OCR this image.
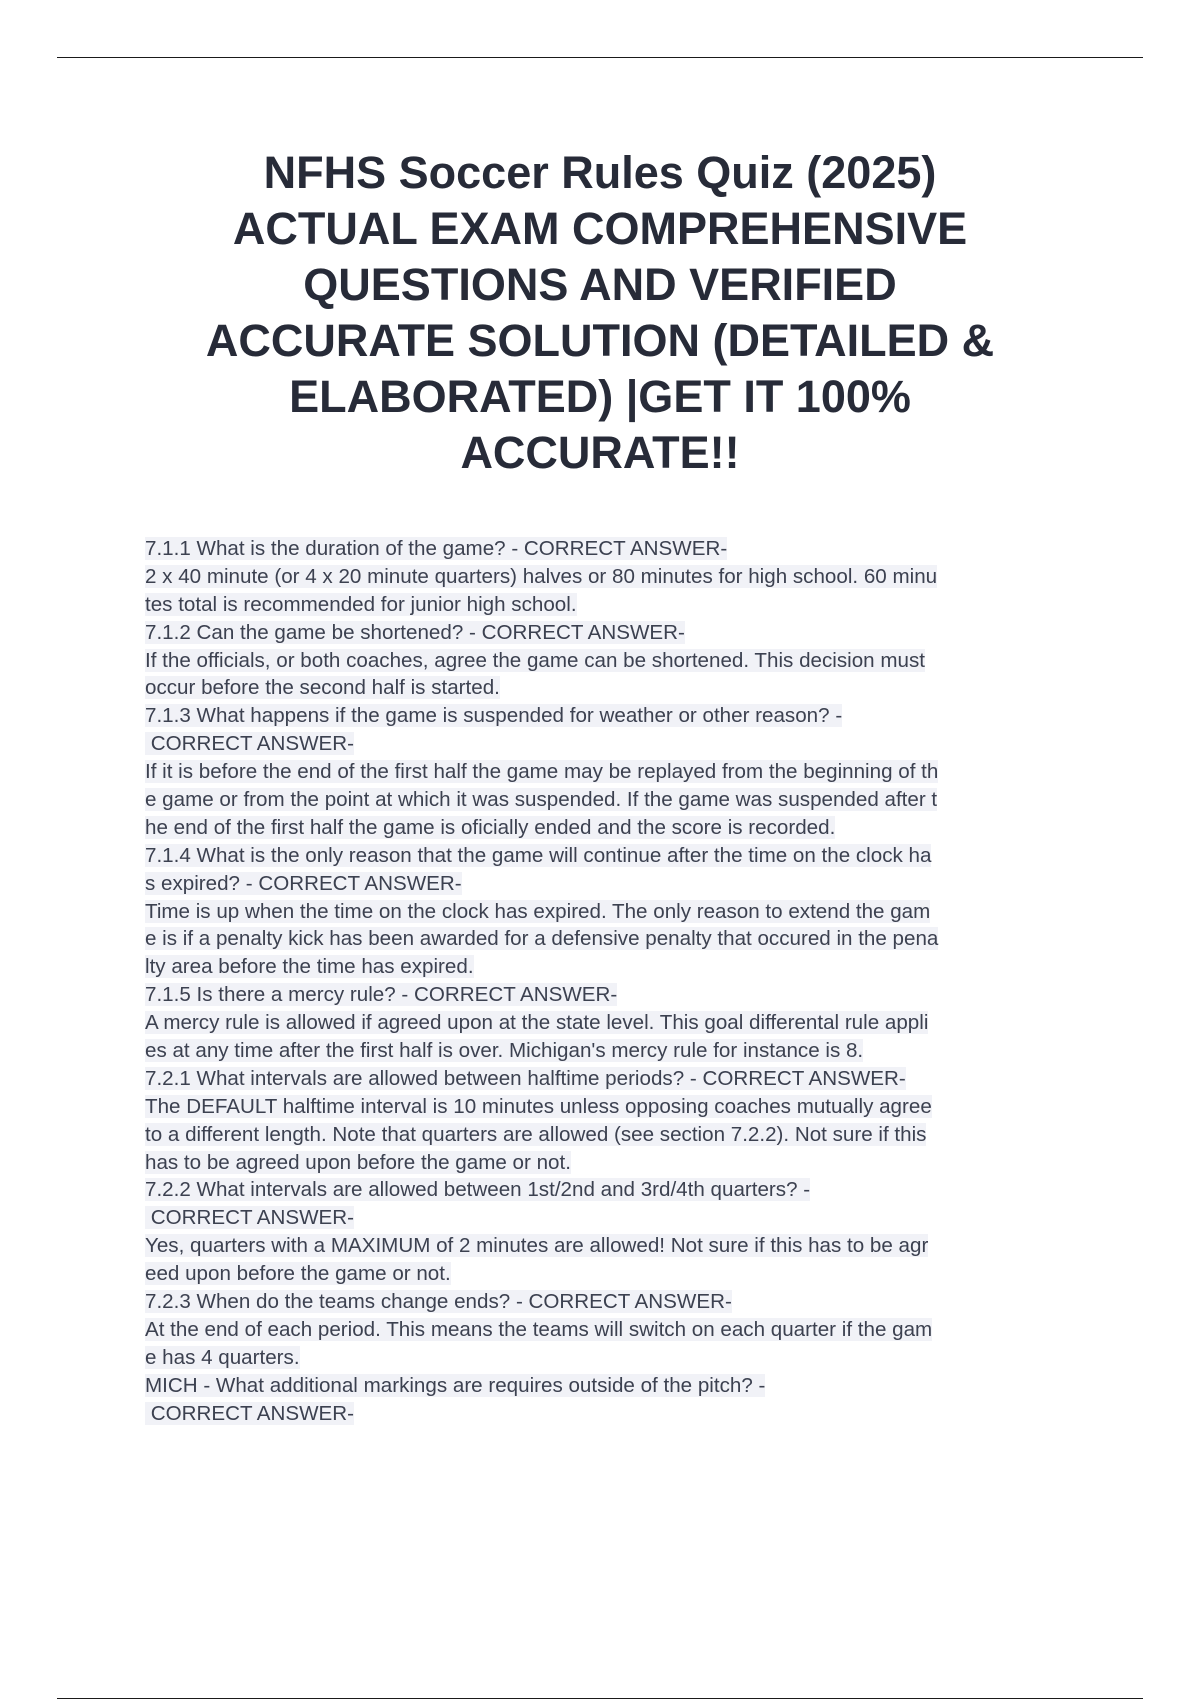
NFHS Soccer Rules Quiz (2025)
ACTUAL EXAM COMPREHENSIVE
QUESTIONS AND VERIFIED
ACCURATE SOLUTION (DETAILED &
ELABORATED) |GET IT 100%
ACCURATE!!
7.1.1 What is the duration of the game? - CORRECT ANSWER-
2 x 40 minute (or 4 x 20 minute quarters) halves or 80 minutes for high school. 60 minu
tes total is recommended for junior high school.
7.1.2 Can the game be shortened? - CORRECT ANSWER-
If the officials, or both coaches, agree the game can be shortened. This decision must
occur before the second half is started.
7.1.3 What happens if the game is suspended for weather or other reason? -
CORRECT ANSWER-
If it is before the end of the first half the game may be replayed from the beginning of th
e game or from the point at which it was suspended. If the game was suspended after t
he end of the first half the game is oficially ended and the score is recorded.
7.1.4 What is the only reason that the game will continue after the time on the clock ha
s expired? - CORRECT ANSWER-
Time is up when the time on the clock has expired. The only reason to extend the gam
e is if a penalty kick has been awarded for a defensive penalty that occured in the pena
lty area before the time has expired.
7.1.5 Is there a mercy rule? - CORRECT ANSWER-
A mercy rule is allowed if agreed upon at the state level. This goal differental rule appli
es at any time after the first half is over. Michigan's mercy rule for instance is 8.
7.2.1 What intervals are allowed between halftime periods? - CORRECT ANSWER-
The DEFAULT halftime interval is 10 minutes unless opposing coaches mutually agree
to a different length. Note that quarters are allowed (see section 7.2.2). Not sure if this
has to be agreed upon before the game or not.
7.2.2 What intervals are allowed between 1st/2nd and 3rd/4th quarters? -
CORRECT ANSWER-
Yes, quarters with a MAXIMUM of 2 minutes are allowed! Not sure if this has to be agr
eed upon before the game or not.
7.2.3 When do the teams change ends? - CORRECT ANSWER-
At the end of each period. This means the teams will switch on each quarter if the gam
e has 4 quarters.
MICH - What additional markings are requires outside of the pitch? -
CORRECT ANSWER-
